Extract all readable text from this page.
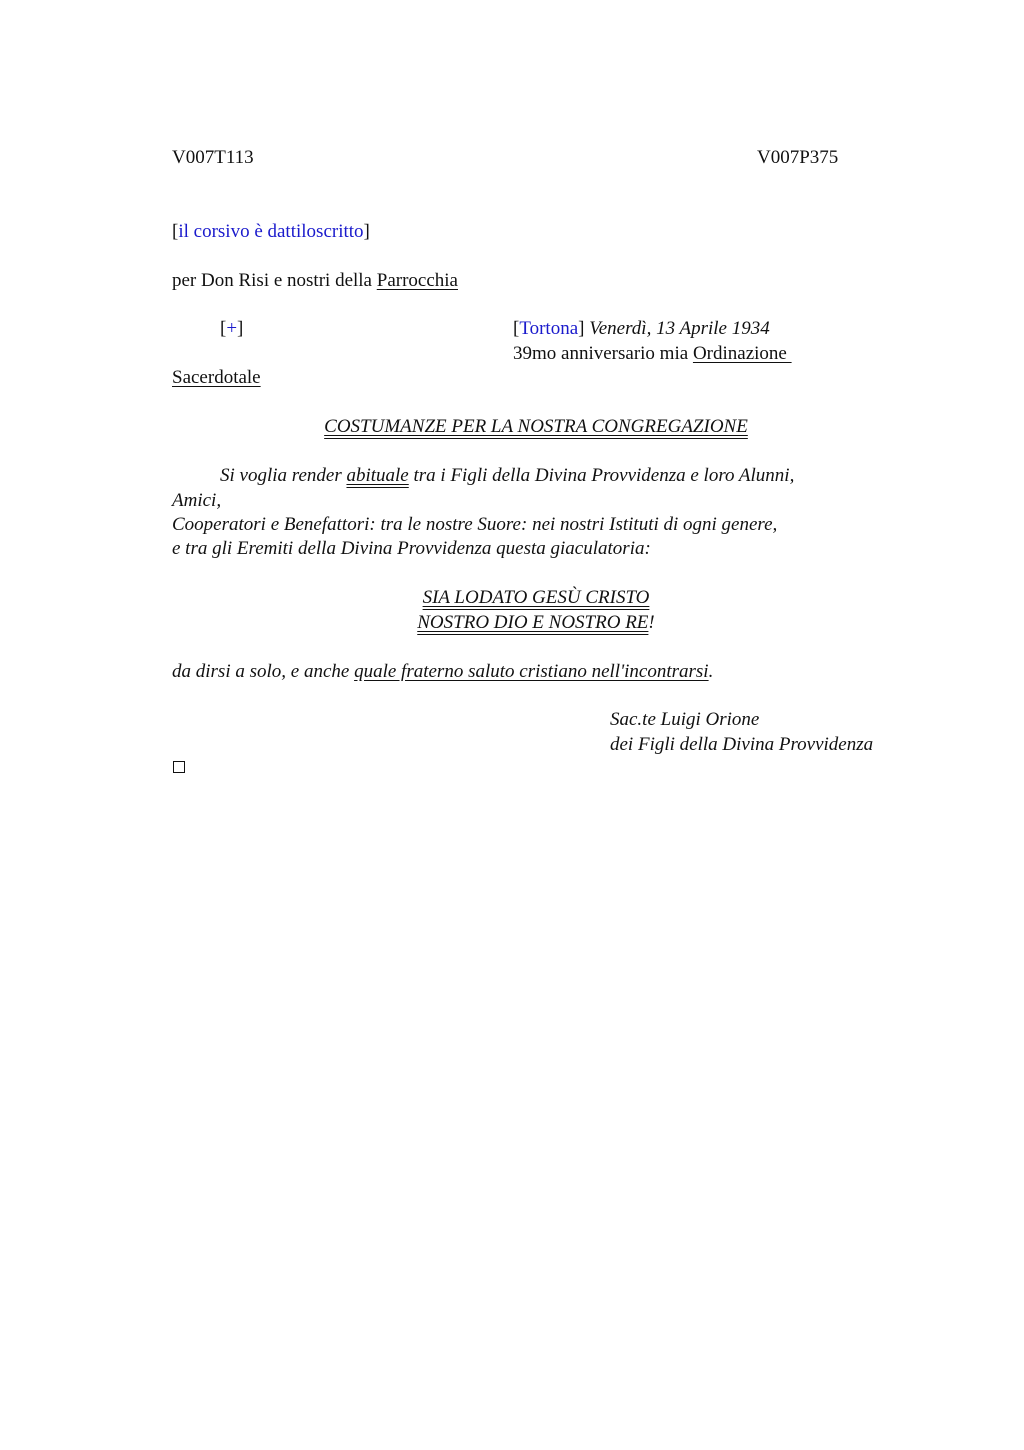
V007T113	V007P375
[il corsivo è dattiloscritto]
per Don Risi e nostri della Parrocchia
[+]	[Tortona] Venerdì, 13 Aprile 1934
39mo anniversario mia Ordinazione
Sacerdotale
COSTUMANZE PER LA NOSTRA CONGREGAZIONE
Si voglia render abituale tra i Figli della Divina Provvidenza e loro Alunni,
Amici,
Cooperatori e Benefattori: tra le nostre Suore: nei nostri Istituti di ogni genere,
e tra gli Eremiti della Divina Provvidenza questa giaculatoria:
SIA LODATO GESÙ CRISTO
NOSTRO DIO E NOSTRO RE!
da dirsi a solo, e anche quale fraterno saluto cristiano nell'incontrarsi.
Sac.te Luigi Orione
dei Figli della Divina Provvidenza
